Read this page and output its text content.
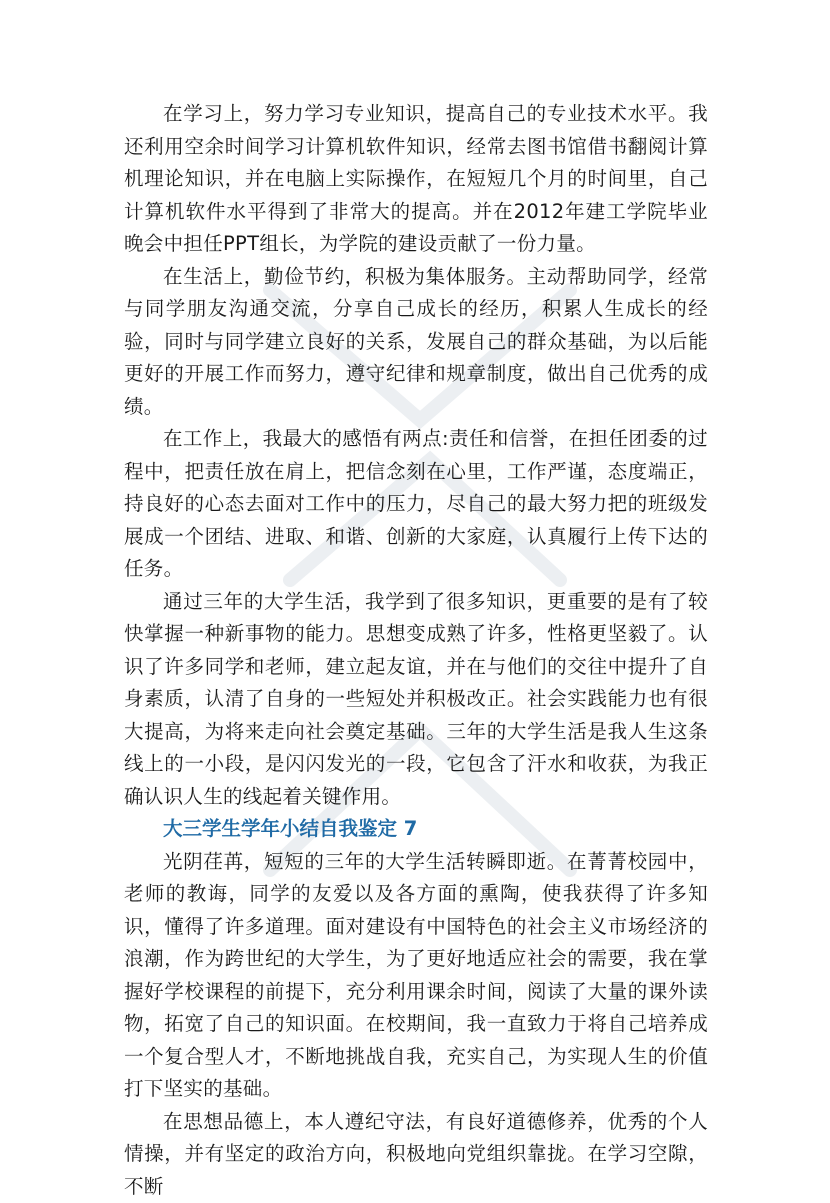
在学习上，努力学习专业知识，提高自己的专业技术水平。我还利用空余时间学习计算机软件知识，经常去图书馆借书翻阅计算机理论知识，并在电脑上实际操作，在短短几个月的时间里，自己计算机软件水平得到了非常大的提高。并在2012年建工学院毕业晚会中担任PPT组长，为学院的建设贡献了一份力量。

在生活上，勤俭节约，积极为集体服务。主动帮助同学，经常与同学朋友沟通交流，分享自己成长的经历，积累人生成长的经验，同时与同学建立良好的关系，发展自己的群众基础，为以后能更好的开展工作而努力，遵守纪律和规章制度，做出自己优秀的成绩。

在工作上，我最大的感悟有两点:责任和信誉，在担任团委的过程中，把责任放在肩上，把信念刻在心里，工作严谨，态度端正，持良好的心态去面对工作中的压力，尽自己的最大努力把的班级发展成一个团结、进取、和谐、创新的大家庭，认真履行上传下达的任务。

通过三年的大学生活，我学到了很多知识，更重要的是有了较快掌握一种新事物的能力。思想变成熟了许多，性格更坚毅了。认识了许多同学和老师，建立起友谊，并在与他们的交往中提升了自身素质，认清了自身的一些短处并积极改正。社会实践能力也有很大提高，为将来走向社会奠定基础。三年的大学生活是我人生这条线上的一小段，是闪闪发光的一段，它包含了汗水和收获，为我正确认识人生的线起着关键作用。

大三学生学年小结自我鉴定 7

光阴荏苒，短短的三年的大学生活转瞬即逝。在菁菁校园中，老师的教诲，同学的友爱以及各方面的熏陶，使我获得了许多知识，懂得了许多道理。面对建设有中国特色的社会主义市场经济的浪潮，作为跨世纪的大学生，为了更好地适应社会的需要，我在掌握好学校课程的前提下，充分利用课余时间，阅读了大量的课外读物，拓宽了自己的知识面。在校期间，我一直致力于将自己培养成一个复合型人才，不断地挑战自我，充实自己，为实现人生的价值打下坚实的基础。

在思想品德上，本人遵纪守法，有良好道德修养，优秀的个人情操，并有坚定的政治方向，积极地向党组织靠拢。在学习空隙，不断
